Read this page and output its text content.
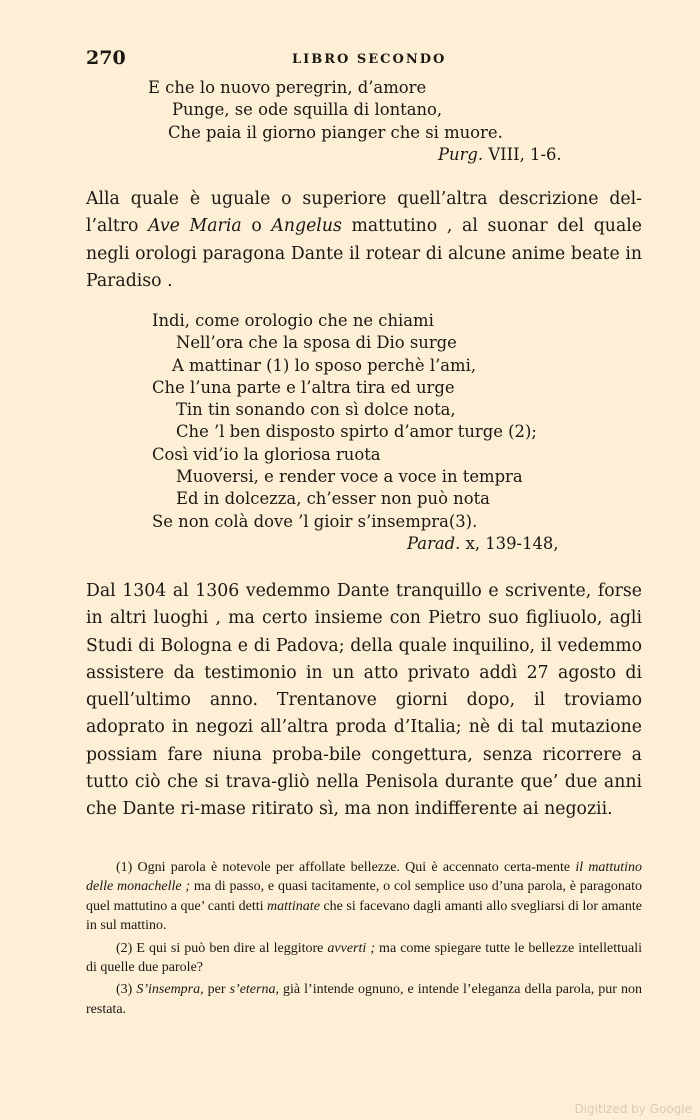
270	LIBRO SECONDO
E che lo nuovo peregrin, d’amore
Punge, se ode squilla di lontano,
Che paia il giorno pianger che si muore.
Purg. VIII, 1-6.

Alla quale è uguale o superiore quell’altra descrizione del-l’altro Ave Maria o Angelus mattutino , al suonar del quale negli orologi paragona Dante il rotear di alcune anime beate in Paradiso .

Indi, come orologio che ne chiami
Nell’ora che la sposa di Dio surge
A mattinar (1) lo sposo perchè l’ami,
Che l’una parte e l’altra tira ed urge
Tin tin sonando con sì dolce nota,
Che ’l ben disposto spirto d’amor turge (2);
Così vid’io la gloriosa ruota
Muoversi, e render voce a voce in tempra
Ed in dolcezza, ch’esser non può nota
Se non colà dove ’l gioir s’insempra(3).
Parad. x, 139-148,

Dal 1304 al 1306 vedemmo Dante tranquillo e scrivente, forse in altri luoghi , ma certo insieme con Pietro suo figliuolo, agli Studi di Bologna e di Padova; della quale inquilino, il vedemmo assistere da testimonio in un atto privato addì 27 agosto di quell’ultimo anno. Trentanove giorni dopo, il troviamo adoprato in negozi all’altra proda d’Italia; nè di tal mutazione possiam fare niuna proba-bile congettura, senza ricorrere a tutto ciò che si trava-gliò nella Penisola durante que’ due anni che Dante ri-mase ritirato sì, ma non indifferente ai negozii.

(1) Ogni parola è notevole per affollate bellezze. Qui è accennato certa-mente il mattutino delle monachelle ; ma di passo, e quasi tacitamente, o col semplice uso d’una parola, è paragonato quel mattutino a que’ canti detti mattinate che si facevano dagli amanti allo svegliarsi di lor amante in sul mattino.

(2) E qui si può ben dire al leggitore avverti ; ma come spiegare tutte le bellezze intellettuali di quelle due parole?

(3) S’insempra, per s’eterna, già l’intende ognuno, e intende l’eleganza della parola, pur non restata.

Digitized by Google
